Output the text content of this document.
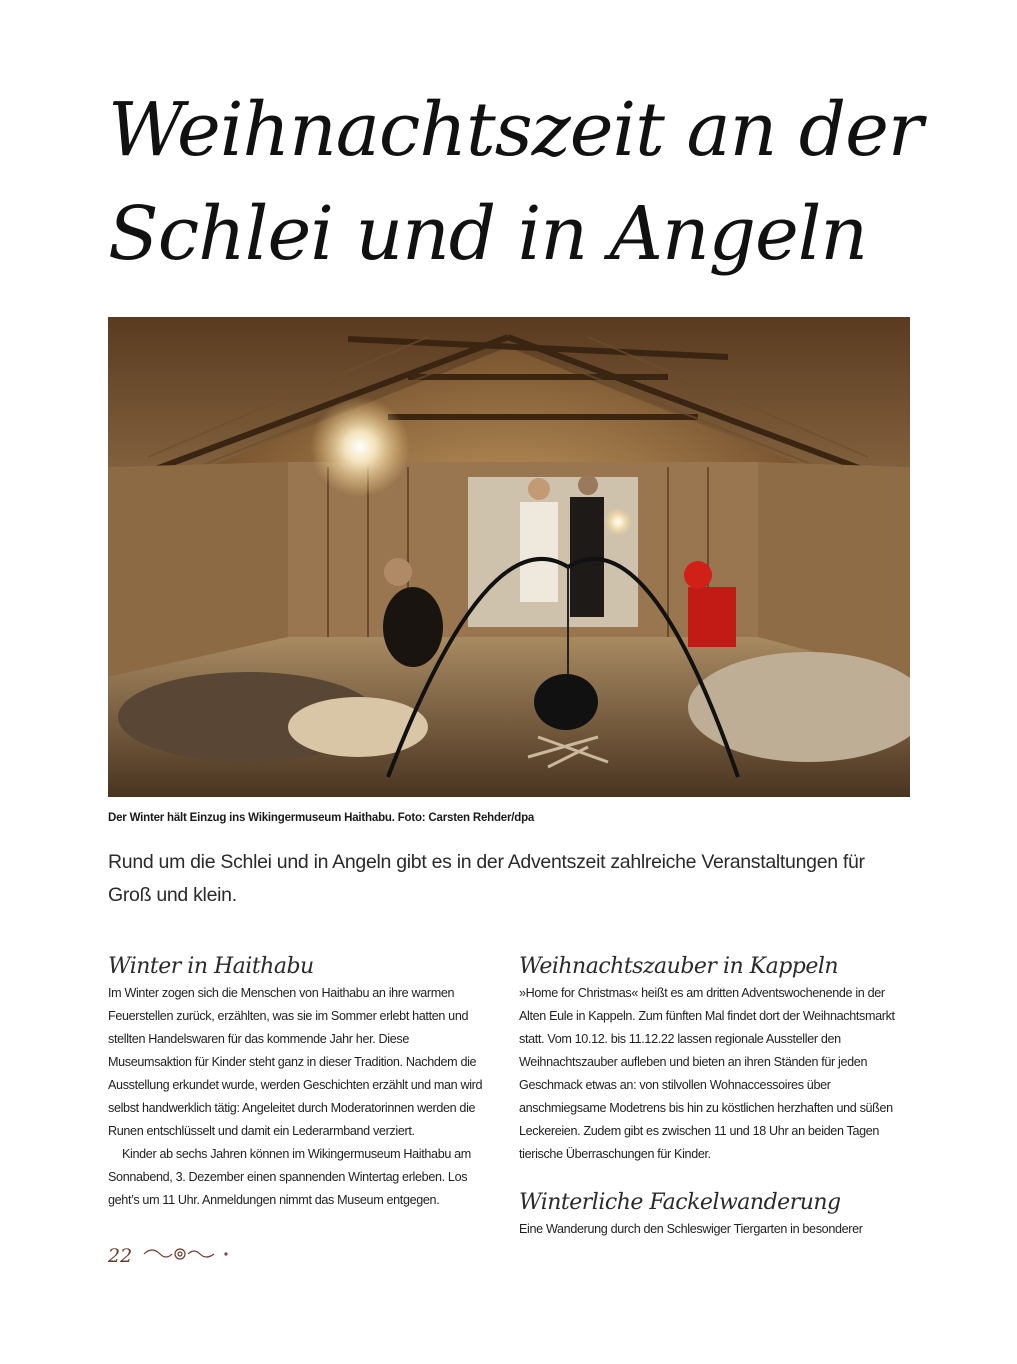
Weihnachtszeit an der
Schlei und in Angeln
Der Winter hält Einzug ins Wikingermuseum Haithabu. Foto: Carsten Rehder/dpa

Rund um die Schlei und in Angeln gibt es in der Adventszeit zahlreiche Veranstaltungen für Groß und klein.

Winter in Haithabu

Im Winter zogen sich die Menschen von Haithabu an ihre warmen Feuerstellen zurück, erzählten, was sie im Sommer erlebt hatten und stellten Handelswaren für das kommende Jahr her. Diese Museumsaktion für Kinder steht ganz in dieser Tradition. Nachdem die Ausstellung erkundet wurde, werden Geschichten erzählt und man wird selbst handwerklich tätig: Angeleitet durch Moderatorinnen werden die Runen entschlüsselt und damit ein Lederarmband verziert.

Kinder ab sechs Jahren können im Wikingermuseum Haithabu am Sonnabend, 3. Dezember einen spannenden Wintertag erleben. Los geht’s um 11 Uhr. Anmeldungen nimmt das Museum entgegen.

Weihnachtszauber in Kappeln

»Home for Christmas« heißt es am dritten Adventswochenende in der Alten Eule in Kappeln. Zum fünften Mal findet dort der Weihnachtsmarkt statt. Vom 10.12. bis 11.12.22 lassen regionale Aussteller den Weihnachtszauber aufleben und bieten an ihren Ständen für jeden Geschmack etwas an: von stilvollen Wohnaccessoires über anschmiegsame Modetrens bis hin zu köstlichen herzhaften und süßen Leckereien. Zudem gibt es zwischen 11 und 18 Uhr an beiden Tagen tierische Überraschungen für Kinder.

Winterliche Fackelwanderung

Eine Wanderung durch den Schleswiger Tiergarten in besonderer

22
